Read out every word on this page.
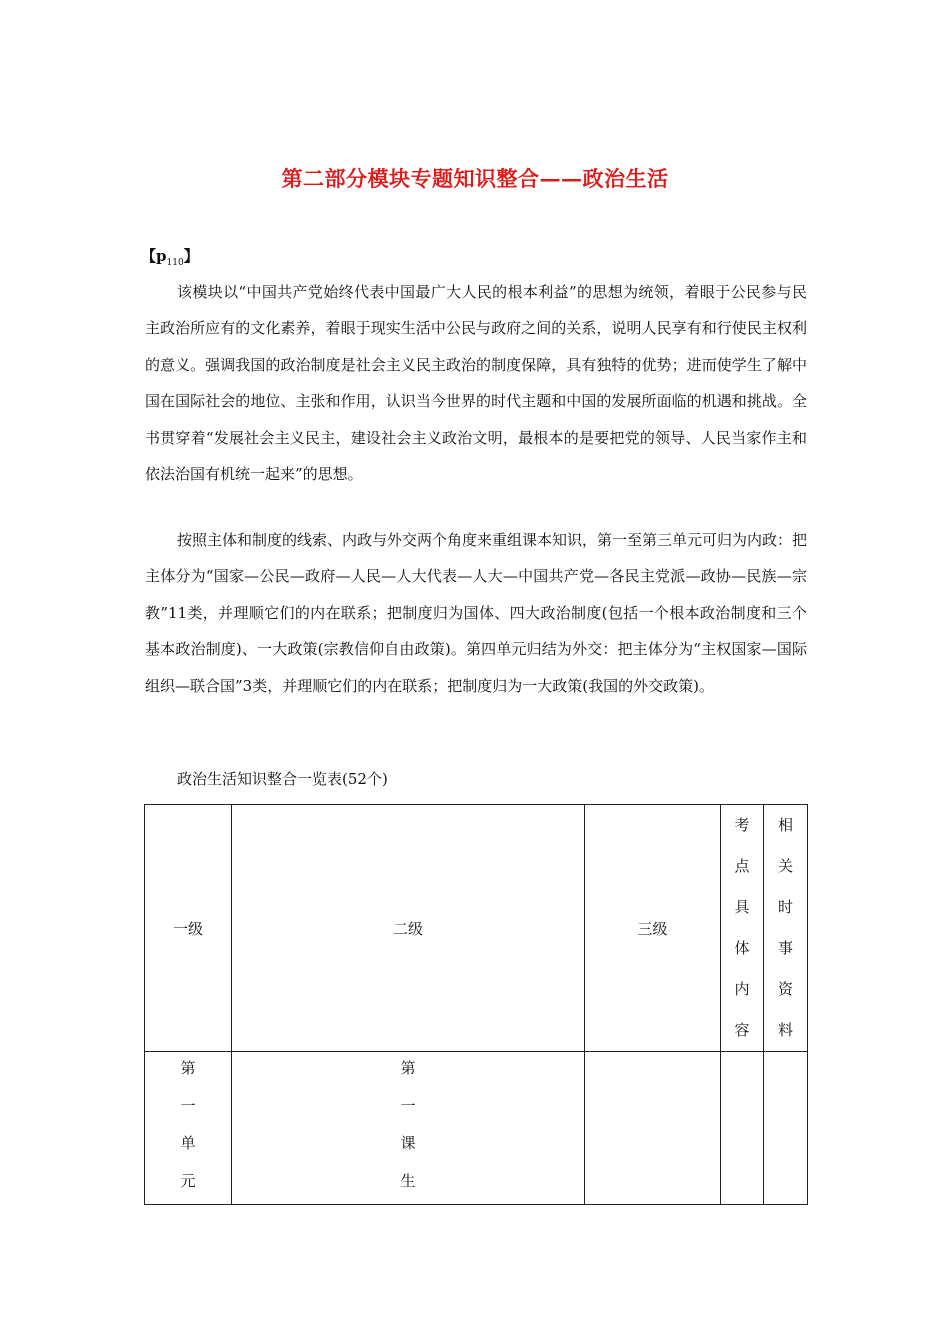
第二部分模块专题知识整合——政治生活
【$p_{110}$】

该模块以“中国共产党始终代表中国最广大人民的根本利益”的思想为统领，着眼于公民参与民主政治所应有的文化素养，着眼于现实生活中公民与政府之间的关系，说明人民享有和行使民主权利的意义。强调我国的政治制度是社会主义民主政治的制度保障，具有独特的优势；进而使学生了解中国在国际社会的地位、主张和作用，认识当今世界的时代主题和中国的发展所面临的机遇和挑战。全书贯穿着“发展社会主义民主，建设社会主义政治文明，最根本的是要把党的领导、人民当家作主和依法治国有机统一起来”的思想。

按照主体和制度的线索、内政与外交两个角度来重组课本知识，第一至第三单元可归为内政：把主体分为“国家—公民—政府—人民—人大代表—人大—中国共产党—各民主党派—政协—民族—宗教”11类，并理顺它们的内在联系；把制度归为国体、四大政治制度(包括一个根本政治制度和三个基本政治制度)、一大政策(宗教信仰自由政策)。第四单元归结为外交：把主体分为“主权国家—国际组织—联合国”3类，并理顺它们的内在联系；把制度归为一大政策(我国的外交政策)。

政治生活知识整合一览表(52个)
一级	二级	三级	考点具体内容	相关时事资料
第一单元	第一课生			
